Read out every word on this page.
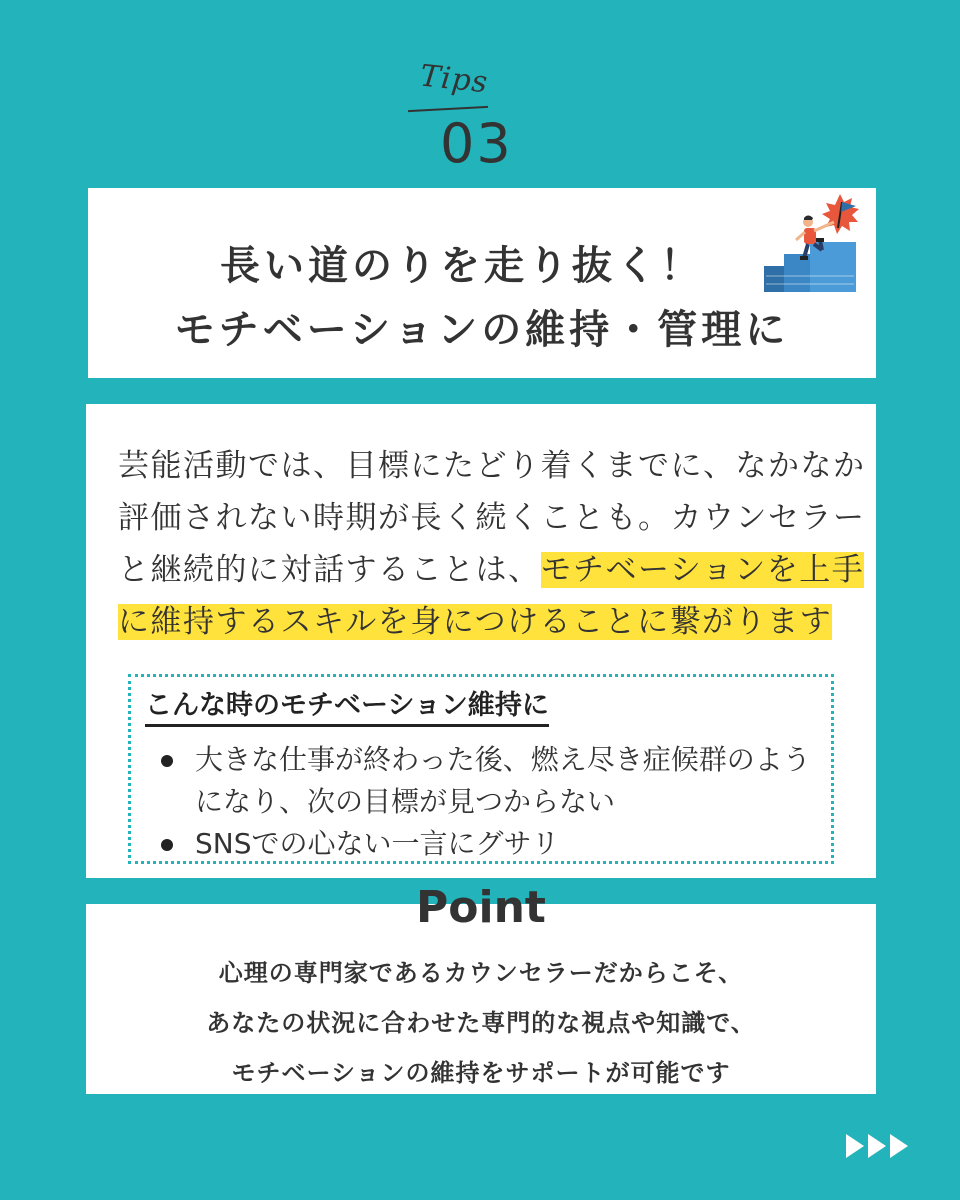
Tips
03
長い道のりを走り抜く！
モチベーションの維持・管理に
芸能活動では、目標にたどり着くまでに、なかなか評価されない時期が長く続くことも。カウンセラーと継続的に対話することは、モチベーションを上手に維持するスキルを身につけることに繋がります
こんな時のモチベーション維持に
大きな仕事が終わった後、燃え尽き症候群のようになり、次の目標が見つからない
SNSでの心ない一言にグサリ
Point
心理の専門家であるカウンセラーだからこそ、
あなたの状況に合わせた専門的な視点や知識で、
モチベーションの維持をサポートが可能です
